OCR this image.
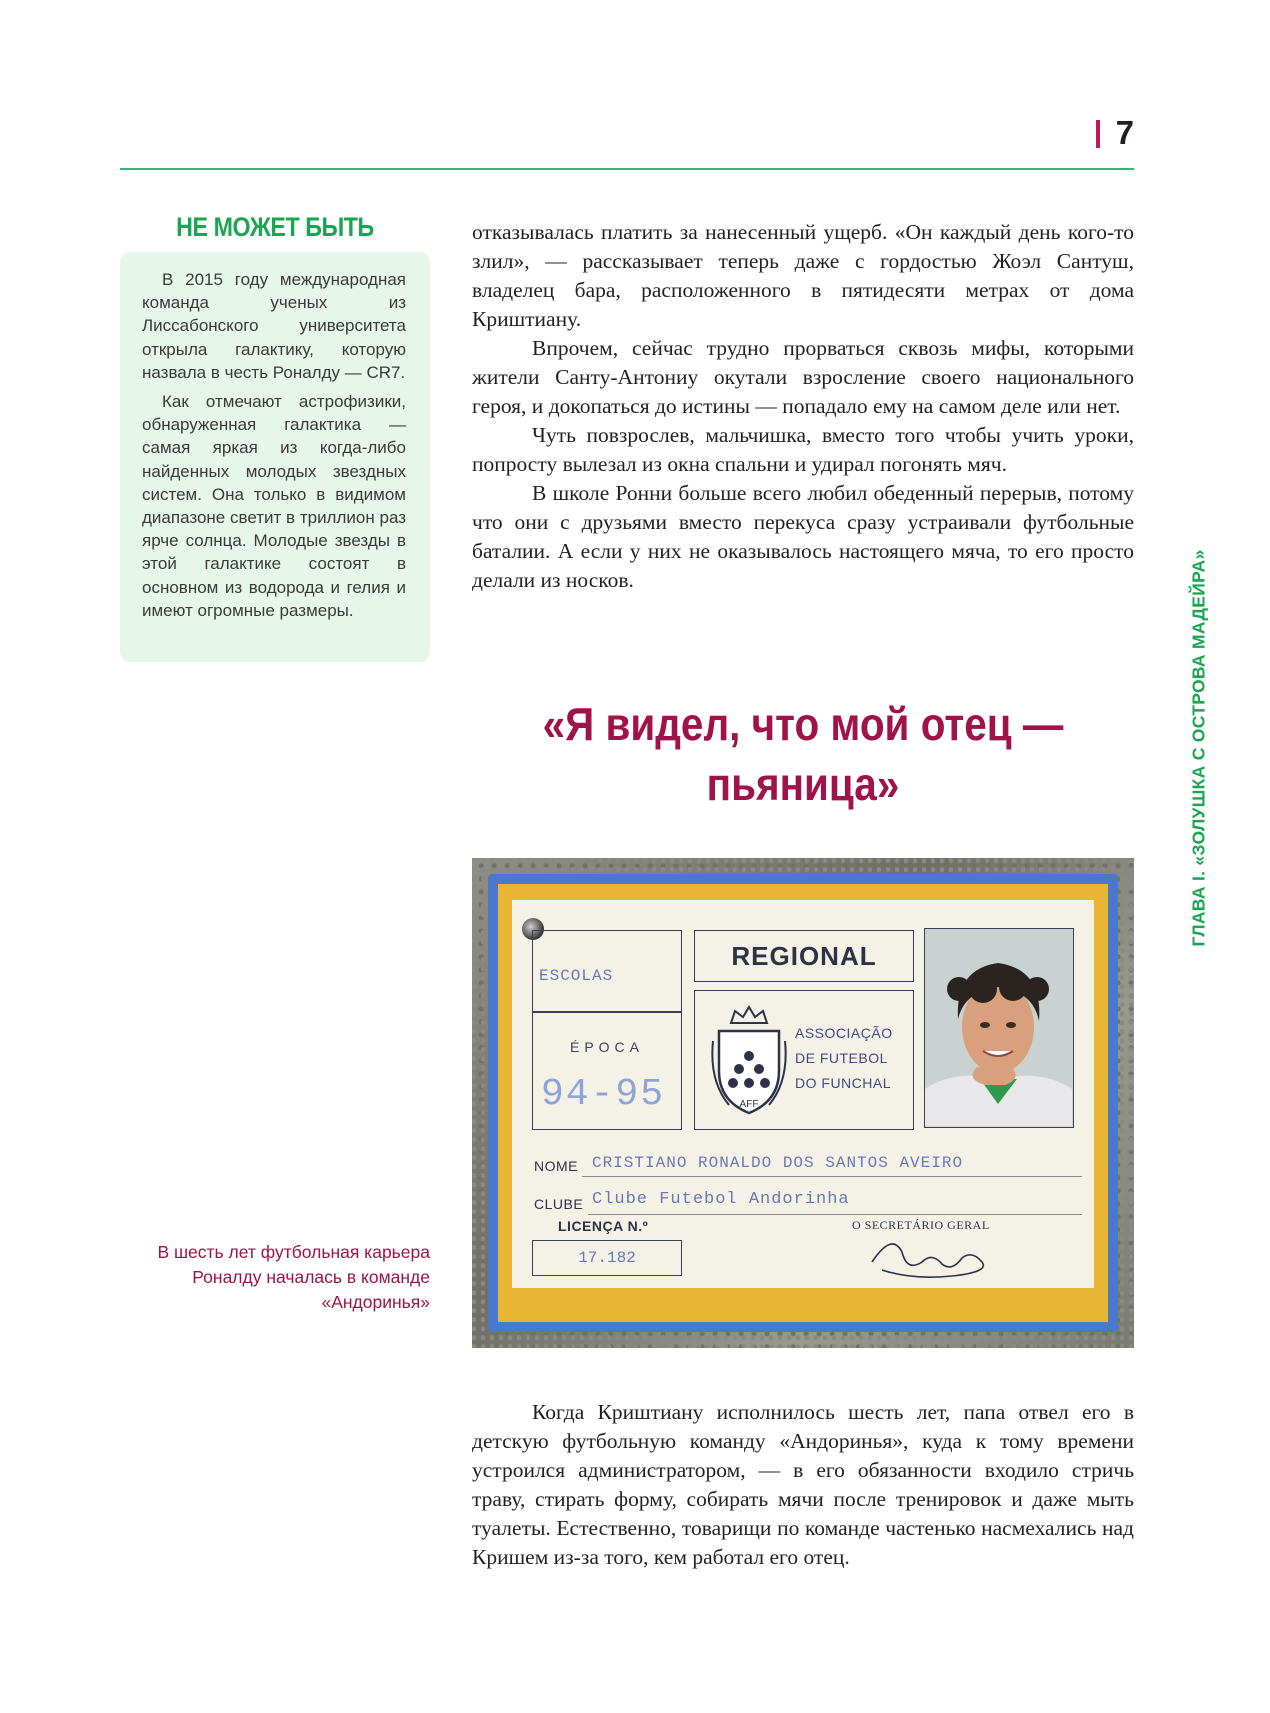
7
НЕ МОЖЕТ БЫТЬ

В 2015 году международная команда ученых из Лиссабонского университета открыла галактику, которую назвала в честь Роналду — CR7.

Как отмечают астрофизики, обнаруженная галактика — самая яркая из когда-либо найденных молодых звездных систем. Она только в видимом диапазоне светит в триллион раз ярче солнца. Молодые звезды в этой галактике состоят в основном из водорода и гелия и имеют огромные размеры.

отказывалась платить за нанесенный ущерб. «Он каждый день кого-то злил», — рассказывает теперь даже с гордостью Жоэл Сантуш, владелец бара, расположенного в пятидесяти метрах от дома Криштиану.

Впрочем, сейчас трудно прорваться сквозь мифы, которыми жители Санту-Антониу окутали взросление своего национального героя, и докопаться до истины — попадало ему на самом деле или нет.

Чуть повзрослев, мальчишка, вместо того чтобы учить уроки, попросту вылезал из окна спальни и удирал погонять мяч.

В школе Ронни больше всего любил обеденный перерыв, потому что они с друзьями вместо перекуса сразу устраивали футбольные баталии. А если у них не оказывалось настоящего мяча, то его просто делали из носков.

«Я видел, что мой отец —
пьяница»
В шесть лет футбольная карьера Роналду началась в команде «Андоринья»
ESCOLAS
ÉPOCA
94-95
REGIONAL
AFF
ASSOCIAÇÃO
DE FUTEBOL
DO FUNCHAL
NOME CRISTIANO RONALDO DOS SANTOS AVEIRO
CLUBE Clube Futebol Andorinha
LICENÇA N.º
17.182
O SECRETÁRIO GERAL

Когда Криштиану исполнилось шесть лет, папа отвел его в детскую футбольную команду «Андоринья», куда к тому времени устроился администратором, — в его обязанности входило стричь траву, стирать форму, собирать мячи после тренировок и даже мыть туалеты. Естественно, товарищи по команде частенько насмехались над Кришем из-за того, кем работал его отец.

ГЛАВА I. «ЗОЛУШКА С ОСТРОВА МАДЕЙРА»
